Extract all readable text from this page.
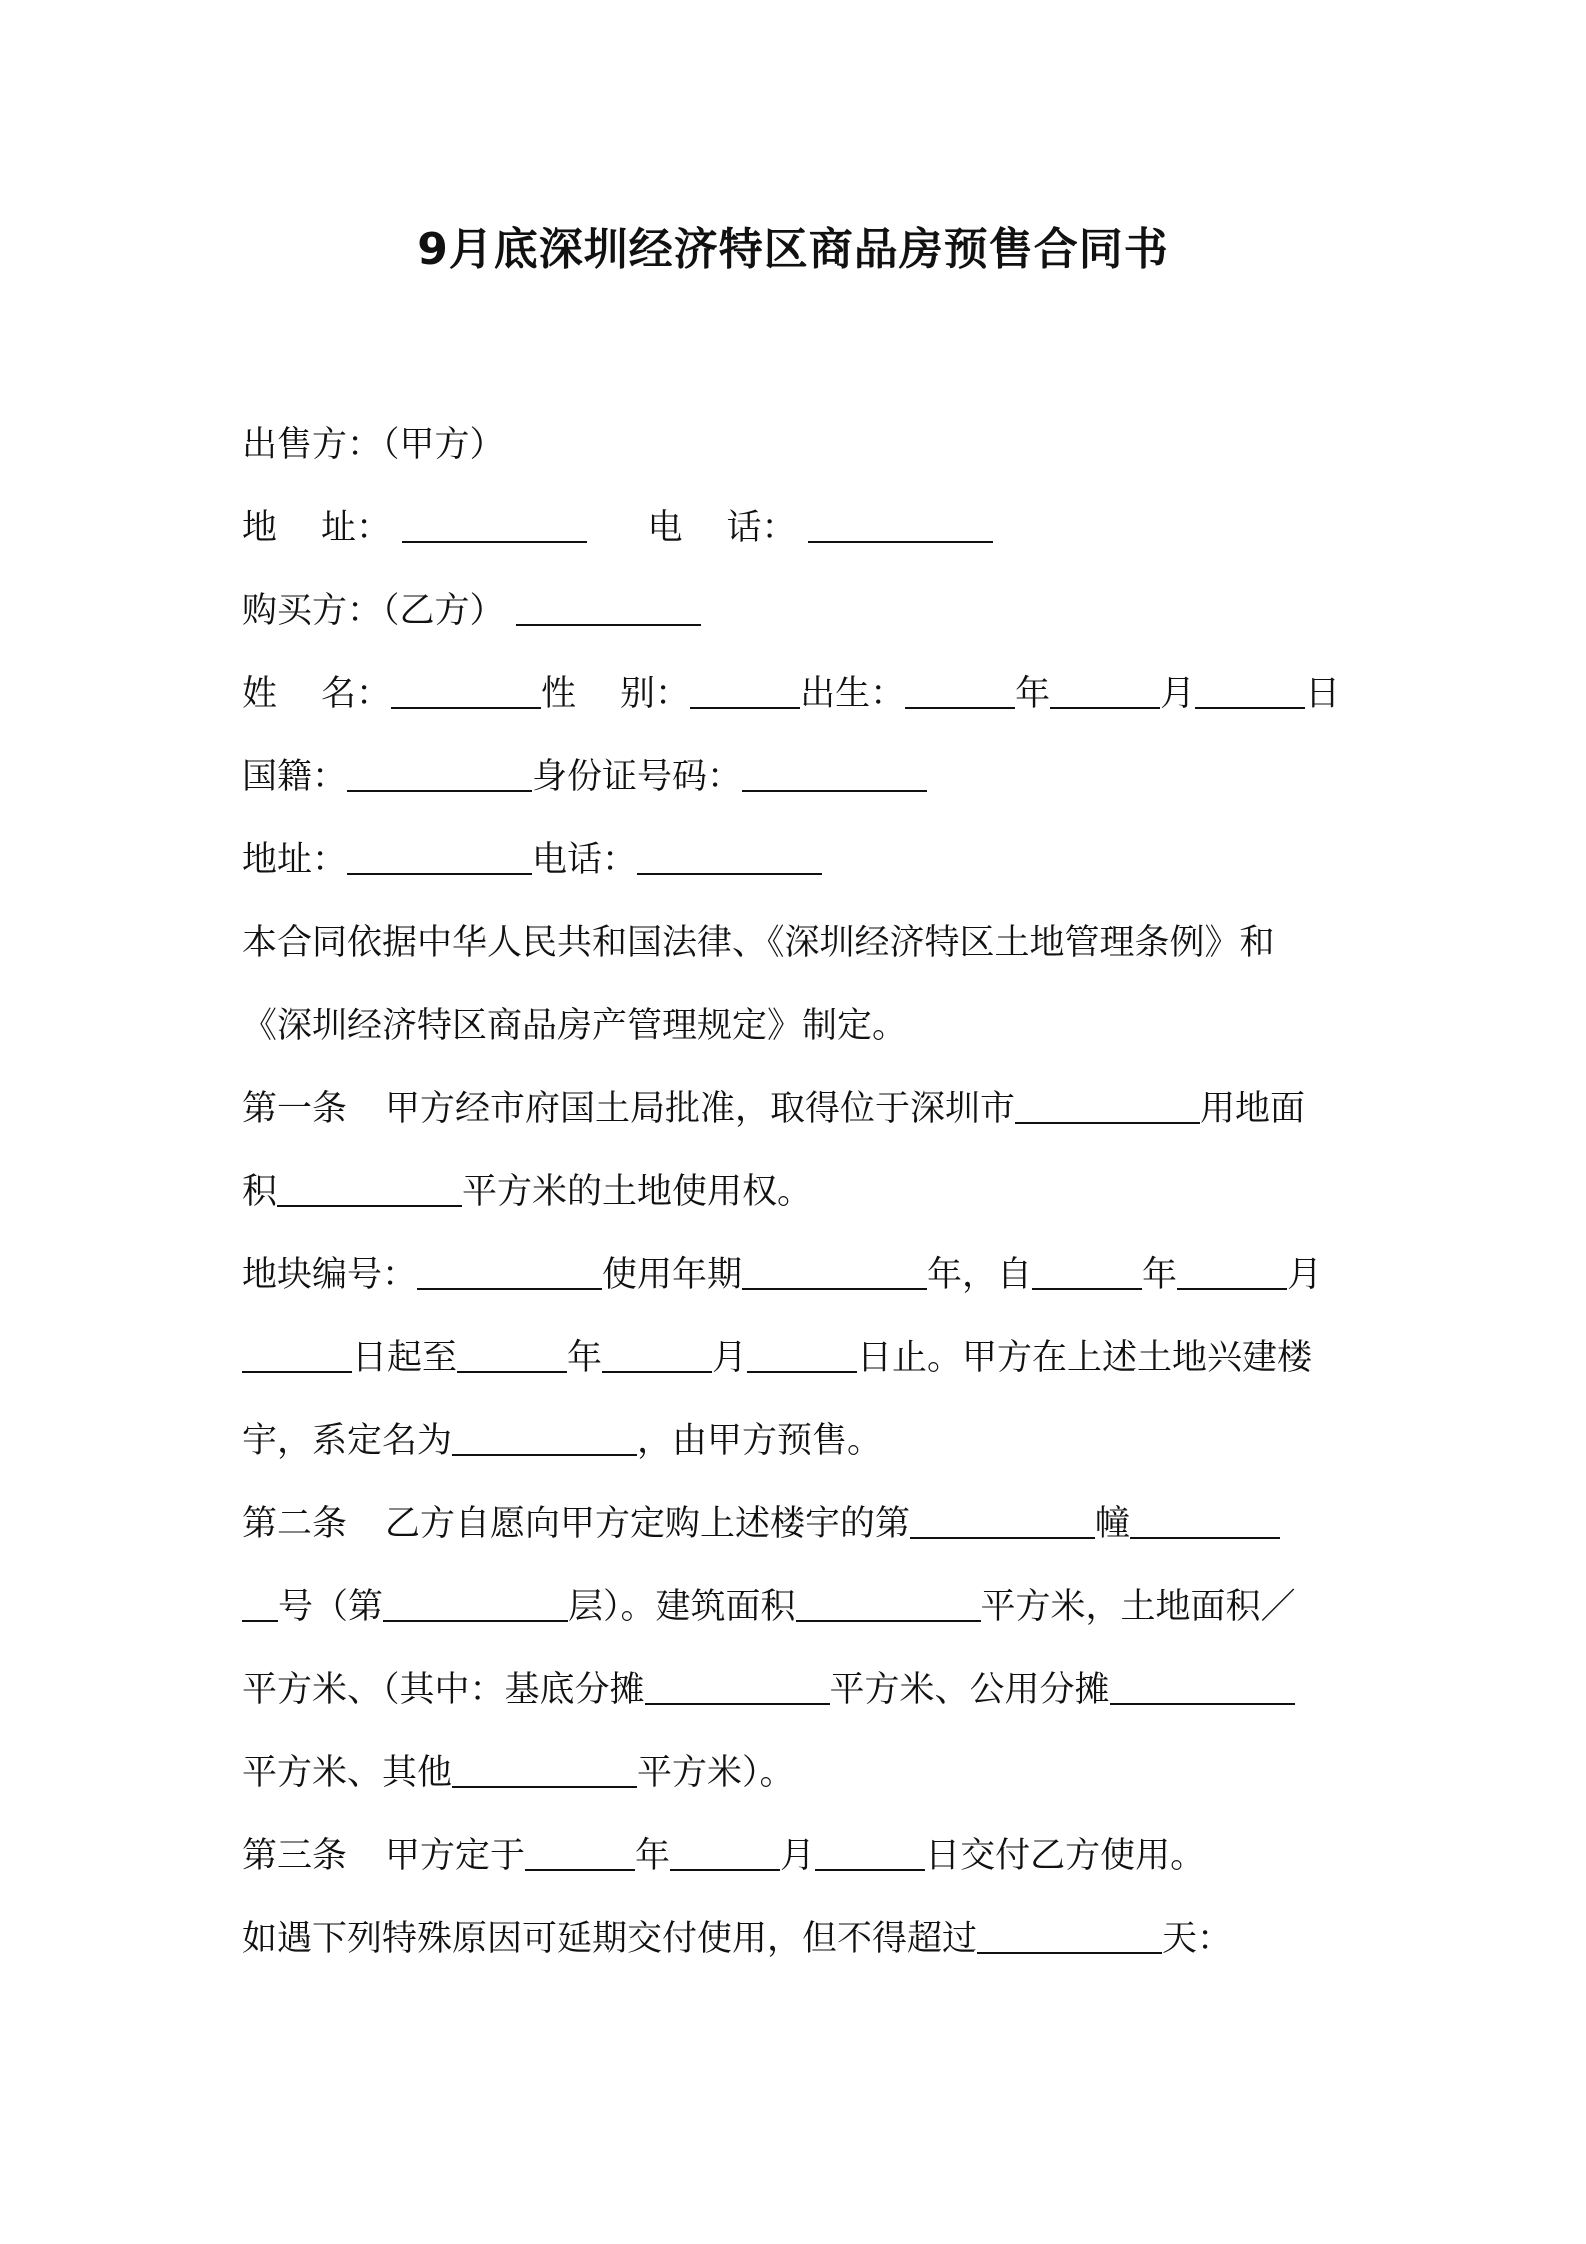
9月底深圳经济特区商品房预售合同书
出售方：（甲方）
地 址：	电 话：
购买方：（乙方）
姓 名：	性 别：	出生：	年	月	日
国籍：	身份证号码：
地址：	电话：
本合同依据中华人民共和国法律、《深圳经济特区土地管理条例》和
《深圳经济特区商品房产管理规定》制定。
第一条 甲方经市府国土局批准，取得位于深圳市	用地面
积	平方米的土地使用权。
地块编号：	使用年期	年，自	年	月
日起至	年	月	日止。甲方在上述土地兴建楼
宇，系定名为	，由甲方预售。
第二条 乙方自愿向甲方定购上述楼宇的第	幢
号（第	层）。建筑面积	平方米，土地面积／
平方米、（其中：基底分摊	平方米、公用分摊
平方米、其他	平方米）。
第三条 甲方定于	年	月	日交付乙方使用。
如遇下列特殊原因可延期交付使用，但不得超过	天：
